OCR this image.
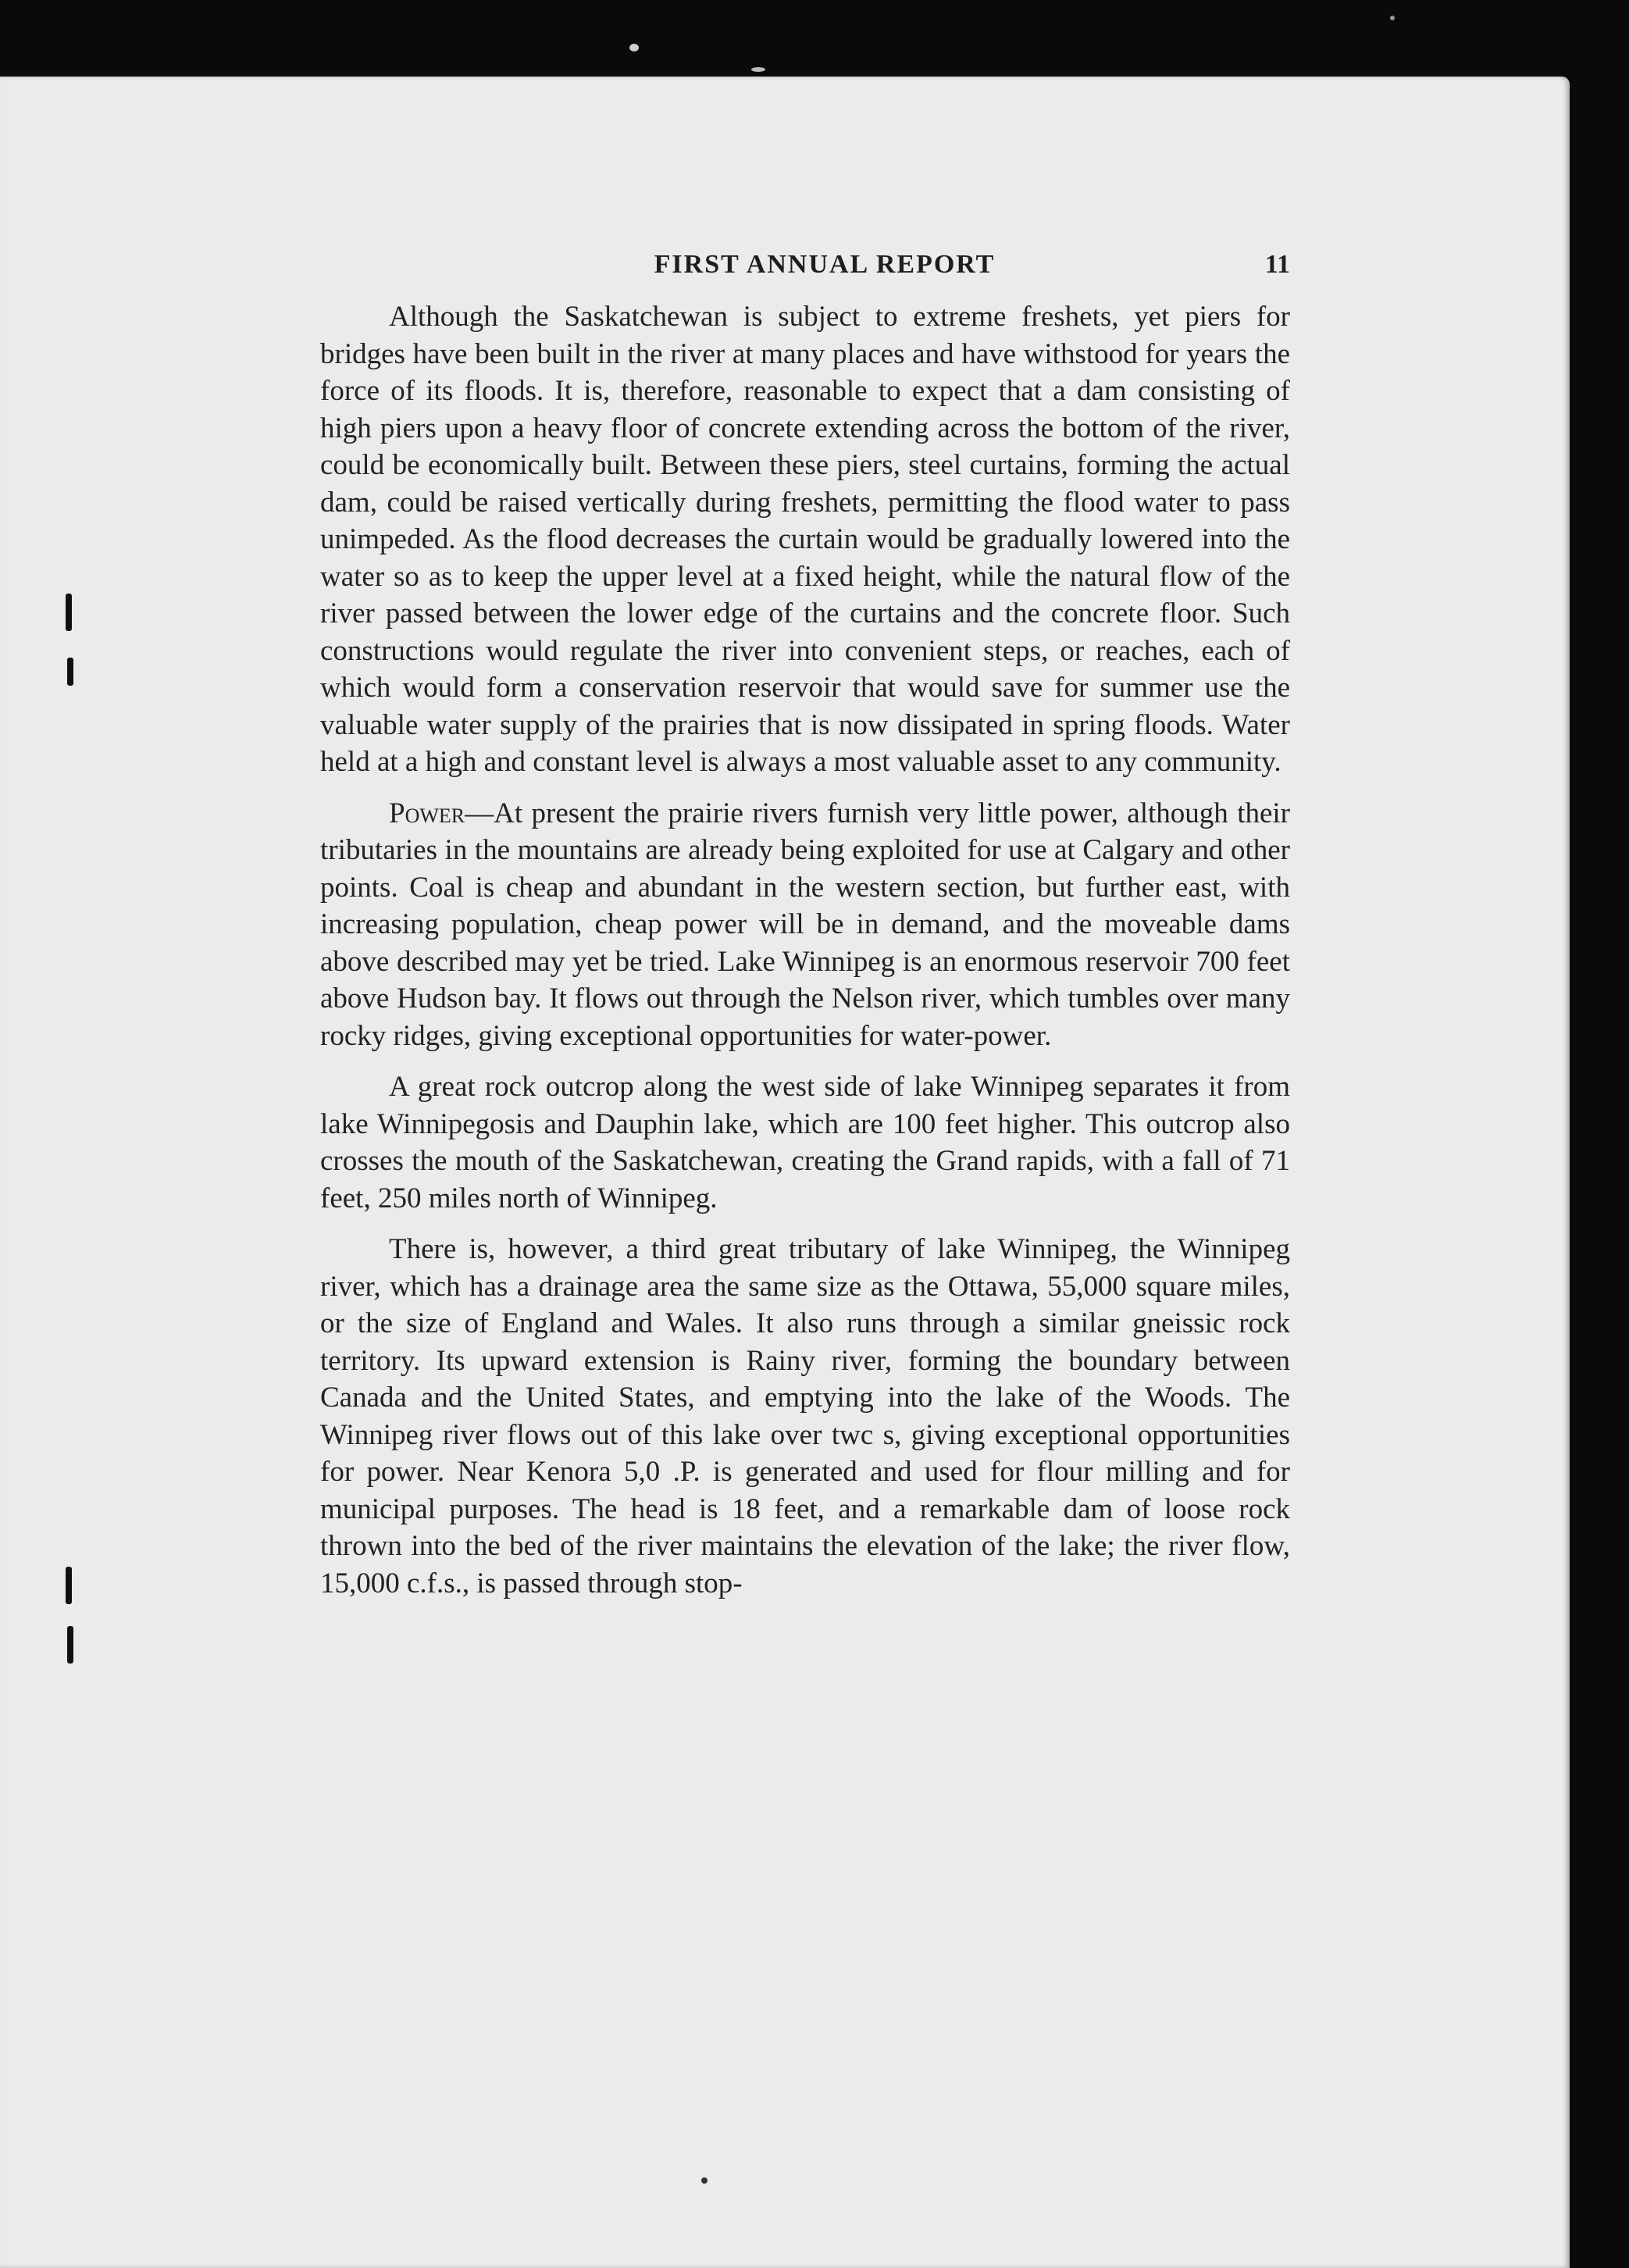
FIRST ANNUAL REPORT	11

Although the Saskatchewan is subject to extreme freshets, yet piers for bridges have been built in the river at many places and have withstood for years the force of its floods. It is, therefore, reasonable to expect that a dam consisting of high piers upon a heavy floor of concrete extending across the bottom of the river, could be economically built. Between these piers, steel curtains, forming the actual dam, could be raised vertically during freshets, permitting the flood water to pass unimpeded. As the flood decreases the curtain would be gradually lowered into the water so as to keep the upper level at a fixed height, while the natural flow of the river passed between the lower edge of the curtains and the concrete floor. Such constructions would regulate the river into convenient steps, or reaches, each of which would form a conservation reservoir that would save for summer use the valuable water supply of the prairies that is now dissipated in spring floods. Water held at a high and constant level is always a most valuable asset to any community.

Power—At present the prairie rivers furnish very little power, although their tributaries in the mountains are already being exploited for use at Calgary and other points. Coal is cheap and abundant in the western section, but further east, with increasing population, cheap power will be in demand, and the moveable dams above described may yet be tried. Lake Winnipeg is an enormous reservoir 700 feet above Hudson bay. It flows out through the Nelson river, which tumbles over many rocky ridges, giving exceptional opportunities for water-power.

A great rock outcrop along the west side of lake Winnipeg separates it from lake Winnipegosis and Dauphin lake, which are 100 feet higher. This outcrop also crosses the mouth of the Saskatchewan, creating the Grand rapids, with a fall of 71 feet, 250 miles north of Winnipeg.

There is, however, a third great tributary of lake Winnipeg, the Winnipeg river, which has a drainage area the same size as the Ottawa, 55,000 square miles, or the size of England and Wales. It also runs through a similar gneissic rock territory. Its upward extension is Rainy river, forming the boundary between Canada and the United States, and emptying into the lake of the Woods. The Winnipeg river flows out of this lake over twc s, giving exceptional opportunities for power. Near Kenora 5,0 .P. is generated and used for flour milling and for municipal purposes. The head is 18 feet, and a remarkable dam of loose rock thrown into the bed of the river maintains the elevation of the lake; the river flow, 15,000 c.f.s., is passed through stop-
